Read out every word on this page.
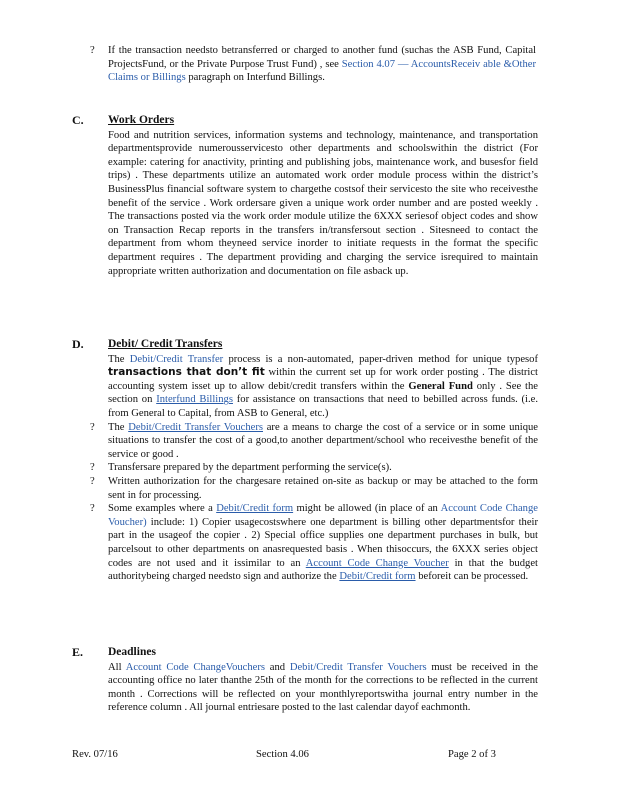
?	If the transaction needsto betransferred or charged to another fund (suchas the ASB Fund, Capital ProjectsFund, or the Private Purpose Trust Fund) , see Section 4.07 — AccountsReceiv able &Other Claims or Billings paragraph on Interfund Billings.
C. Work Orders

Food and nutrition services, information systems and technology, maintenance, and transportation departmentsprovide numerousservicesto other departments and schoolswithin the district (For example: catering for anactivity, printing and publishing jobs, maintenance work, and busesfor field trips) . These departments utilize an automated work order module process within the district’s BusinessPlus financial software system to chargethe costsof their servicesto the site who receivesthe benefit of the service . Work ordersare given a unique work order number and are posted weekly . The transactions posted via the work order module utilize the 6XXX seriesof object codes and show on Transaction Recap reports in the transfers in/transfersout section . Sitesneed to contact the department from whom theyneed service inorder to initiate requests in the format the specific department requires . The department providing and charging the service isrequired to maintain appropriate written authorization and documentation on file asback up.

D. Debit/ Credit Transfers

The Debit/Credit Transfer process is a non-automated, paper-driven method for unique typesof transactions that don’t fit within the current set up for work order posting . The district accounting system isset up to allow debit/credit transfers within the General Fund only . See the section on Interfund Billings for assistance on transactions that need to bebilled across funds. (i.e. from General to Capital, from ASB to General, etc.)

?	The Debit/Credit Transfer Vouchers are a means to charge the cost of a service or in some unique situations to transfer the cost of a good,to another department/school who receivesthe benefit of the service or good .
?	Transfersare prepared by the department performing the service(s).
?	Written authorization for the chargesare retained on-site as backup or may be attached to the form sent in for processing.
?	Some examples where a Debit/Credit form might be allowed (in place of an Account Code Change Voucher) include: 1) Copier usagecostswhere one department is billing other departmentsfor their part in the usageof the copier . 2) Special office supplies one department purchases in bulk, but parcelsout to other departments on anasrequested basis . When thisoccurs, the 6XXX series object codes are not used and it issimilar to an Account Code Change Voucher in that the budget authoritybeing charged needsto sign and authorize the Debit/Credit form beforeit can be processed.
E. Deadlines

All Account Code ChangeVouchers and Debit/Credit Transfer Vouchers must be received in the accounting office no later thanthe 25th of the month for the corrections to be reflected in the current month . Corrections will be reflected on your monthlyreportswitha journal entry number in the reference column . All journal entriesare posted to the last calendar dayof eachmonth.

Rev. 07/16	Section 4.06	Page 2 of 3
